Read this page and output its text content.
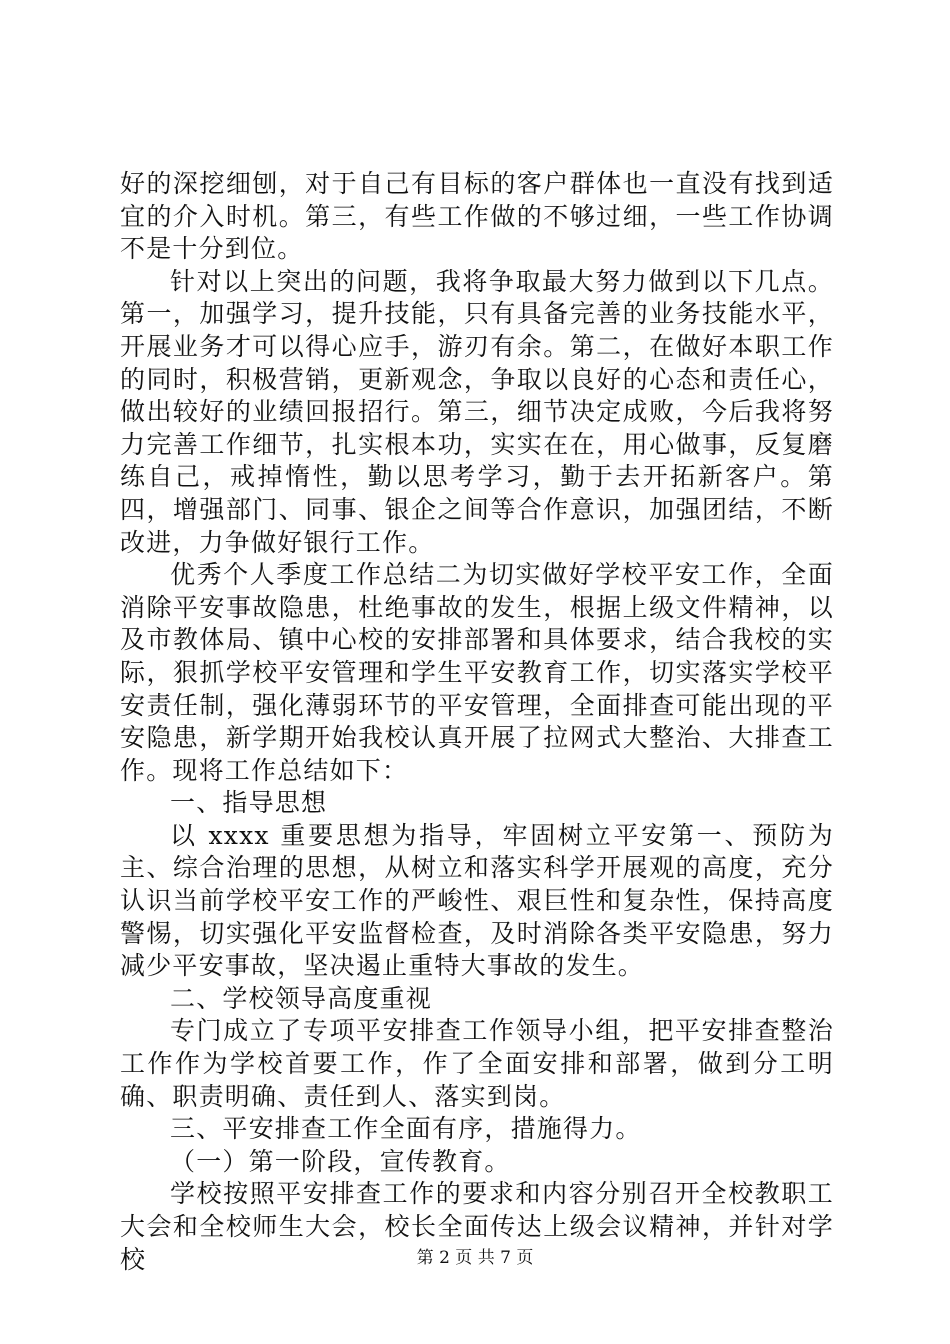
好的深挖细刨，对于自己有目标的客户群体也一直没有找到适宜的介入时机。第三，有些工作做的不够过细，一些工作协调不是十分到位。

针对以上突出的问题，我将争取最大努力做到以下几点。第一，加强学习，提升技能，只有具备完善的业务技能水平，开展业务才可以得心应手，游刃有余。第二，在做好本职工作的同时，积极营销，更新观念，争取以良好的心态和责任心，做出较好的业绩回报招行。第三，细节决定成败，今后我将努力完善工作细节，扎实根本功，实实在在，用心做事，反复磨练自己，戒掉惰性，勤以思考学习，勤于去开拓新客户。第四，增强部门、同事、银企之间等合作意识，加强团结，不断改进，力争做好银行工作。

优秀个人季度工作总结二为切实做好学校平安工作，全面消除平安事故隐患，杜绝事故的发生，根据上级文件精神，以及市教体局、镇中心校的安排部署和具体要求，结合我校的实际，狠抓学校平安管理和学生平安教育工作，切实落实学校平安责任制，强化薄弱环节的平安管理，全面排查可能出现的平安隐患，新学期开始我校认真开展了拉网式大整治、大排查工作。现将工作总结如下：

一、指导思想

以 xxxx 重要思想为指导，牢固树立平安第一、预防为主、综合治理的思想，从树立和落实科学开展观的高度，充分认识当前学校平安工作的严峻性、艰巨性和复杂性，保持高度警惕，切实强化平安监督检查，及时消除各类平安隐患，努力减少平安事故，坚决遏止重特大事故的发生。

二、学校领导高度重视

专门成立了专项平安排查工作领导小组，把平安排查整治工作作为学校首要工作，作了全面安排和部署，做到分工明确、职责明确、责任到人、落实到岗。

三、平安排查工作全面有序，措施得力。

（一）第一阶段，宣传教育。

学校按照平安排查工作的要求和内容分别召开全校教职工大会和全校师生大会，校长全面传达上级会议精神，并针对学校	第 2 页 共 7 页
